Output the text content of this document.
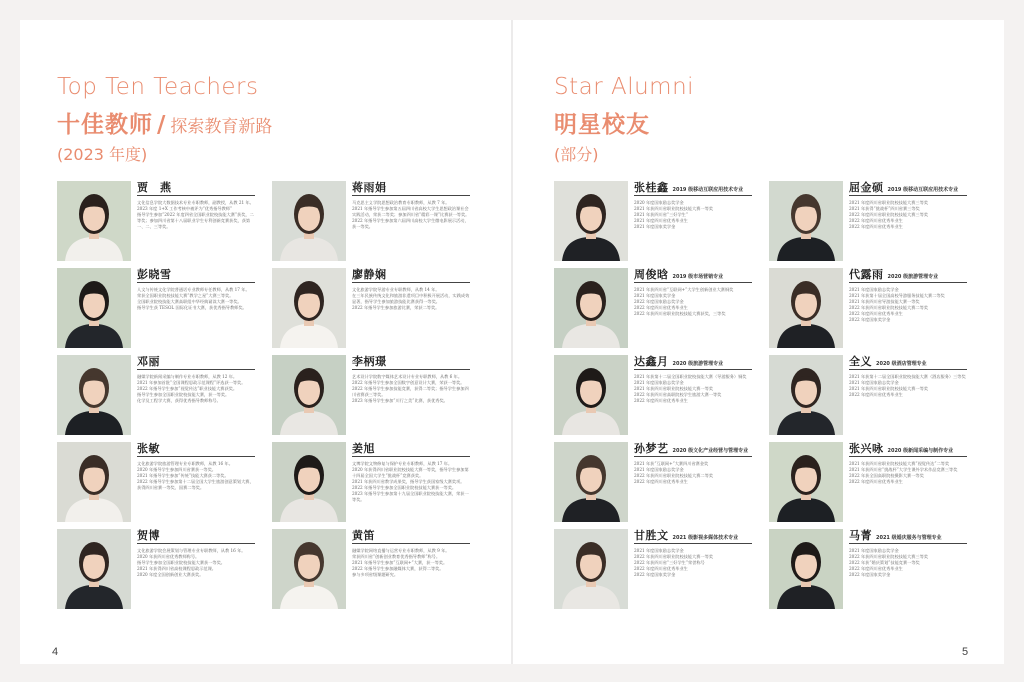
Top Ten Teachers
十佳教师 / 探索教育新路
(2023 年度)
Star Alumni
明星校友
(部分)
贾　燕
文化信息学院大数据技术专业专职教师，副教授，从教 21 年。
2023 年度 1+X 工作考核中被评为“优秀指导教师”
指导学生参加“2022 年度四省全国职业院校技能大赛”获奖，二等奖；参加四川省第十八届职业学生专利创新竞赛获奖，获第一、二、三等奖。
蒋雨娟
马克思主义学院思想政治教育专职教师，从教 7 年。
2021 年指导学生参加第五届四川省高校大学生思想政治课社会实践活动，荣获二等奖；参加四川省“精彩一课”比赛获一等奖。
2022 年指导学生参加第六届四川高校大学生微电影展示活动，获一等奖。
彭晓雪
人文与传统文化学院普通话专业教师专任教师，从教 17 年。
荣获全国职业院校技能大赛“教学之星”大赛三等奖。
全国职业院校技能大赛高职组中华经典诵读大赛一等奖。
指导学生获 TESOL 国际化证书大赛，获优秀指导教师奖。
廖静娴
文化旅游学院导游专业专职教师，从教 14 年。
在三年民族传统文化和旅游非遗项目中积极开展活动，实践成效显著，指导学生参加旅游技能比赛获得一等奖。
2022 年指导学生参加旅游比赛，荣获二等奖。
邓丽
融媒学院新闻采编与制作专业专职教师，从教 12 年。
2021 年参加首批“全国课程思政示范课程”评选获一等奖。
2022 年指导学生参加“视觉传达”职业技能大赛获奖。
指导学生参加全国职业院校技能大赛，获一等奖。
化学及工程学大赛，获得优秀指导教师称号。
李柄璟
艺术设计学院数字媒体艺术设计专业专职教师，从教 6 年。
2022 年指导学生参加全国数字创意设计大赛，荣获一等奖。
2022 年指导学生参加技能竞赛，获得二等奖；指导学生参加四川省赛获三等奖。
2023 年指导学生参加“川行之美”比赛，获优秀奖。
张敏
文化旅游学院旅游管理专业专职教师，从教 16 年。
2020 年指导学生参加四川省赛获一等奖。
2021 年指导学生参加“传统”技能大赛获二等奖。
2022 年指导学生参加第十二届全国大学生旅游创意策划大赛，获得四川省赛一等奖、国赛二等奖。
姜旭
文博学院文物修复与保护专业专职教师，从教 17 年。
2020 年获得四川省职业院校技能大赛一等奖，指导学生参加第十四届全国大学生“挑战杯”竞赛获奖。
2021 年获四川省教学成果奖，指导学生获国家级大赛奖项。
2022 年指导学生参加全国职业院校技能大赛获一等奖。
2023 年指导学生参加第十九届全国职业院校技能大赛，荣获一等奖。
贺博
文化旅游学院会展策划与管理专业专职教师，从教 16 年。
2020 年获四川省优秀教师称号。
指导学生参加全国职业院校技能大赛获一等奖。
2021 年获得四川省高校课程思政示范课。
2020 年度全国创新创业大赛获奖。
黄笛
融媒学院网络直播与运营专业专职教师，从教 9 年。
荣获四川省“创新创业教育优秀指导教师”称号。
2021 年指导学生参加“互联网+”大赛，获一等奖。
2022 年指导学生参加融媒体大赛，获得二等奖。
参与多项省级课题研究。
张桂鑫 2019 级移动互联应用技术专业
2020 年度国家励志奖学金
2021 年获四川省职业院校技能大赛一等奖
2021 年获四川省“三好学生”
2021 年度四川省优秀毕业生
2021 年度国家奖学金
屈金硕 2019 级移动互联应用技术专业
2021 年度四川省职业院校技能大赛三等奖
2021 年获得“挑战杯”四川省赛三等奖
2022 年度四川省职业院校技能大赛三等奖
2022 年度四川省优秀毕业生
2022 年度四川省优秀毕业生
周俊晗 2019 级市场营销专业
2021 年获四川省“互联网+”大学生创新创业大赛铜奖
2021 年度国家奖学金
2022 年度国家励志奖学金
2022 年度四川省优秀毕业生
2022 年获四川省职业院校技能大赛获奖，三等奖
代露雨 2020 级旅游管理专业
2021 年度国家励志奖学金
2021 年获第十届全国高校导游服务技能大赛二等奖
2021 年获四川省导游技能大赛一等奖
2022 年获四川省职业院校技能大赛二等奖
2022 年度四川省优秀毕业生
2022 年度国家奖学金
达鑫月 2020 级旅游管理专业
2021 年获第十二届全国职业院校技能大赛（导游服务）铜奖
2021 年度国家励志奖学金
2021 年获四川省职业院校技能大赛一等奖
2022 年获四川省高职院校学生旅游大赛一等奖
2022 年度四川省优秀毕业生
全义 2020 级酒店管理专业
2021 年获第十二届全国职业院校技能大赛（酒店服务）三等奖
2021 年度国家励志奖学金
2021 年获四川省职业院校技能大赛一等奖
2022 年度四川省优秀毕业生
孙梦艺 2020 级文化产业经营与管理专业
2021 年获“互联网+”大赛四川省赛金奖
2021 年度国家励志奖学金
2022 年获四川省职业院校技能大赛二等奖
2022 年度四川省优秀毕业生
张兴咏 2020 级新闻采编与制作专业
2021 年获四川省职业院校技能大赛“视觉传达”二等奖
2021 年获四川省“挑战杯”大学生课外学术作品竞赛三等奖
2022 年获全国高职院校摄影大赛一等奖
2022 年度四川省优秀毕业生
甘胜文 2021 级影视多媒体技术专业
2021 年度国家励志奖学金
2022 年获四川省职业院校技能大赛一等奖
2022 年获四川省“三好学生”荣誉称号
2022 年度四川省优秀毕业生
2022 年度国家奖学金
马菁 2021 级婚庆服务与管理专业
2021 年度国家励志奖学金
2022 年获四川省职业院校技能大赛三等奖
2022 年获“婚庆策划”技能竞赛一等奖
2022 年度四川省优秀毕业生
2022 年度国家奖学金
4	5
